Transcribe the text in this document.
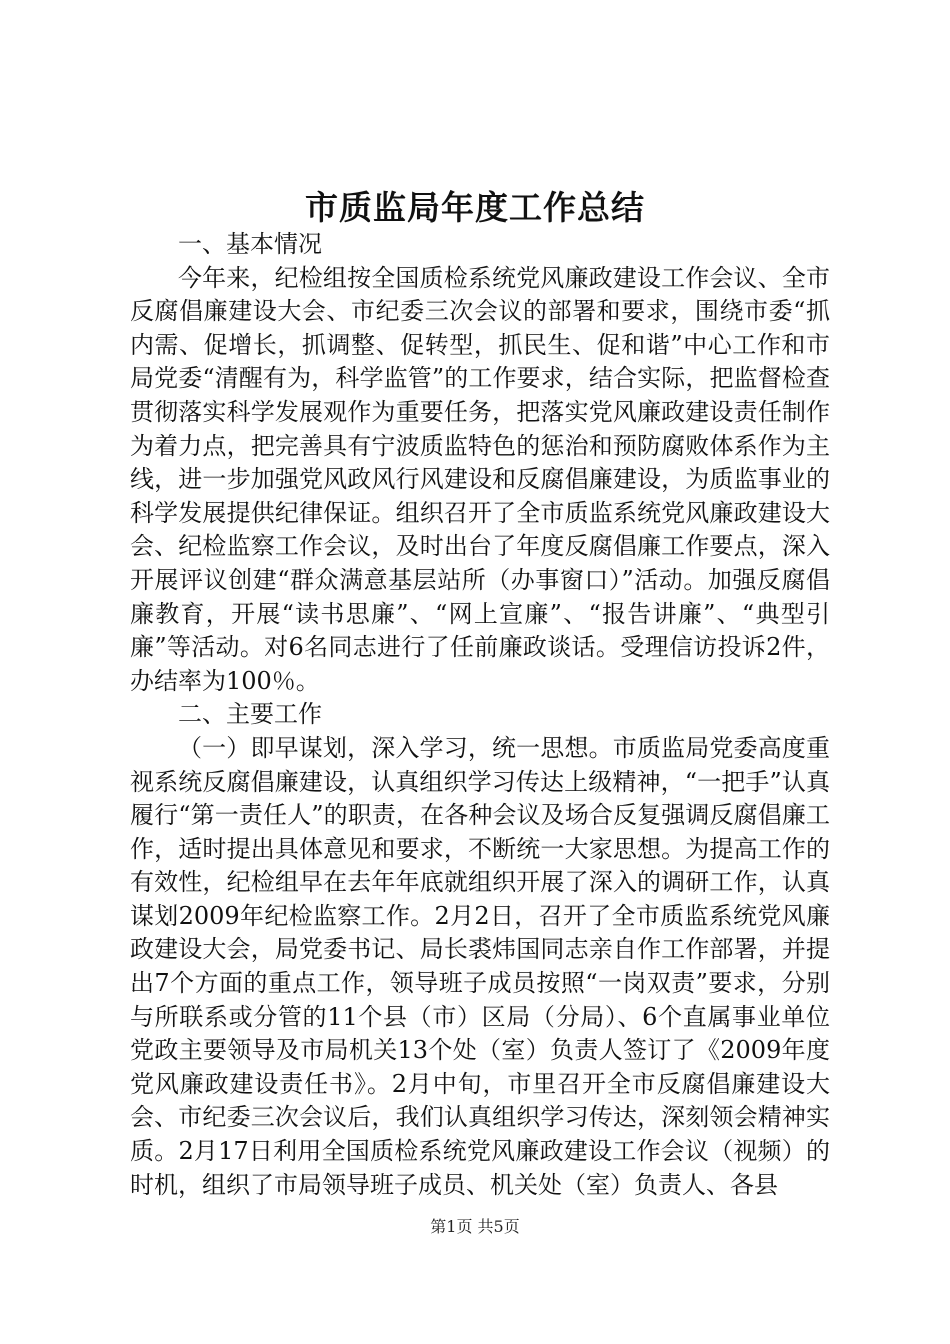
市质监局年度工作总结

一、基本情况

今年来，纪检组按全国质检系统党风廉政建设工作会议、全市反腐倡廉建设大会、市纪委三次会议的部署和要求，围绕市委“抓内需、促增长，抓调整、促转型，抓民生、促和谐”中心工作和市局党委“清醒有为，科学监管”的工作要求，结合实际，把监督检查贯彻落实科学发展观作为重要任务，把落实党风廉政建设责任制作为着力点，把完善具有宁波质监特色的惩治和预防腐败体系作为主线，进一步加强党风政风行风建设和反腐倡廉建设，为质监事业的科学发展提供纪律保证。组织召开了全市质监系统党风廉政建设大会、纪检监察工作会议，及时出台了年度反腐倡廉工作要点，深入开展评议创建“群众满意基层站所（办事窗口）”活动。加强反腐倡廉教育，开展“读书思廉”、“网上宣廉”、“报告讲廉”、“典型引廉”等活动。对6名同志进行了任前廉政谈话。受理信访投诉2件，办结率为100％。

二、主要工作

（一）即早谋划，深入学习，统一思想。市质监局党委高度重视系统反腐倡廉建设，认真组织学习传达上级精神，“一把手”认真履行“第一责任人”的职责，在各种会议及场合反复强调反腐倡廉工作，适时提出具体意见和要求，不断统一大家思想。为提高工作的有效性，纪检组早在去年年底就组织开展了深入的调研工作，认真谋划2009年纪检监察工作。2月2日，召开了全市质监系统党风廉政建设大会，局党委书记、局长裘炜国同志亲自作工作部署，并提出7个方面的重点工作，领导班子成员按照“一岗双责”要求，分别与所联系或分管的11个县（市）区局（分局）、6个直属事业单位党政主要领导及市局机关13个处（室）负责人签订了《2009年度党风廉政建设责任书》。2月中旬，市里召开全市反腐倡廉建设大会、市纪委三次会议后，我们认真组织学习传达，深刻领会精神实质。2月17日利用全国质检系统党风廉政建设工作会议（视频）的时机，组织了市局领导班子成员、机关处（室）负责人、各县

第1页 共5页
